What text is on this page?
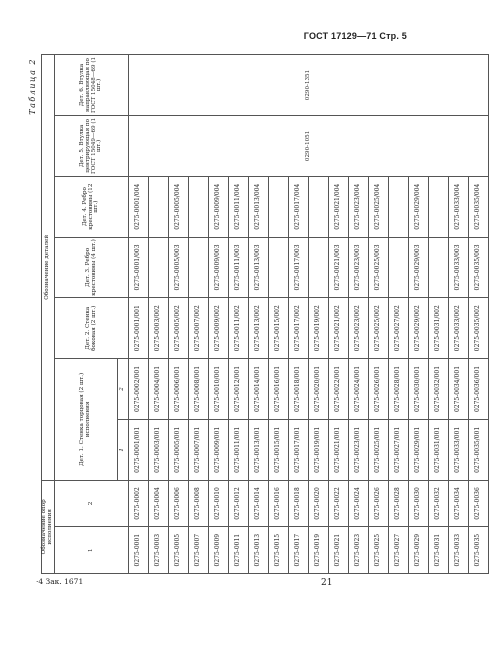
ГОСТ 17129—71 Стр. 5
Таблица 2
Обозначение опор исполнения		Обозначение деталей						
1	2	Дет. 1. Стенка торцовая (2 шт.) исполнения		Дет. 2. Стенка боковая (2 шт.)	Дет. 3. Ребро крестовины (4 шт.)	Дет. 4. Ребро крестовины (12 шт.)	Дет. 5. Втулка центрирующая по ГОСТ 15049—69 (1 шт.)	Дет. 6. Втулка направляющая по ГОСТ 15048—69 (1 шт.)
		1	2					
0275-0001	0275-0002	0275-0001/001	0275-0002/001	0275-0001/001	0275-0001/003	0275-0001/004	0290-1051	0290-1351
0275-0003	0275-0004	0275-0003/001	0275-0004/001	0275-0003/002				
0275-0005	0275-0006	0275-0005/001	0275-0006/001	0275-0005/002	0275-0005/003	0275-0005/004		
0275-0007	0275-0008	0275-0007/001	0275-0008/001	0275-0007/002				
0275-0009	0275-0010	0275-0009/001	0275-0010/001	0275-0009/002	0275-0009/003	0275-0009/004		
0275-0011	0275-0012	0275-0011/001	0275-0012/001	0275-0011/002	0275-0011/003	0275-0011/004		
0275-0013	0275-0014	0275-0013/001	0275-0014/001	0275-0013/002	0275-0013/003	0275-0013/004		
0275-0015	0275-0016	0275-0015/001	0275-0016/001	0275-0015/002				
0275-0017	0275-0018	0275-0017/001	0275-0018/001	0275-0017/002	0275-0017/003	0275-0017/004		
0275-0019	0275-0020	0275-0019/001	0275-0020/001	0275-0019/002				
0275-0021	0275-0022	0275-0021/001	0275-0022/001	0275-0021/002	0275-0021/003	0275-0021/004		
0275-0023	0275-0024	0275-0023/001	0275-0024/001	0275-0023/002	0275-0023/003	0275-0023/004		
0275-0025	0275-0026	0275-0025/001	0275-0026/001	0275-0025/002	0275-0025/003	0275-0025/004		
0275-0027	0275-0028	0275-0027/001	0275-0028/001	0275-0027/002				
0275-0029	0275-0030	0275-0029/001	0275-0030/001	0275-0029/002	0275-0029/003	0275-0029/004		
0275-0031	0275-0032	0275-0031/001	0275-0032/001	0275-0031/002				
0275-0033	0275-0034	0275-0033/001	0275-0034/001	0275-0033/002	0275-0033/003	0275-0033/004		
0275-0035	0275-0036	0275-0035/001	0275-0036/001	0275-0035/002	0275-0035/003	0275-0035/004		
·4 Зак. 1671	21
